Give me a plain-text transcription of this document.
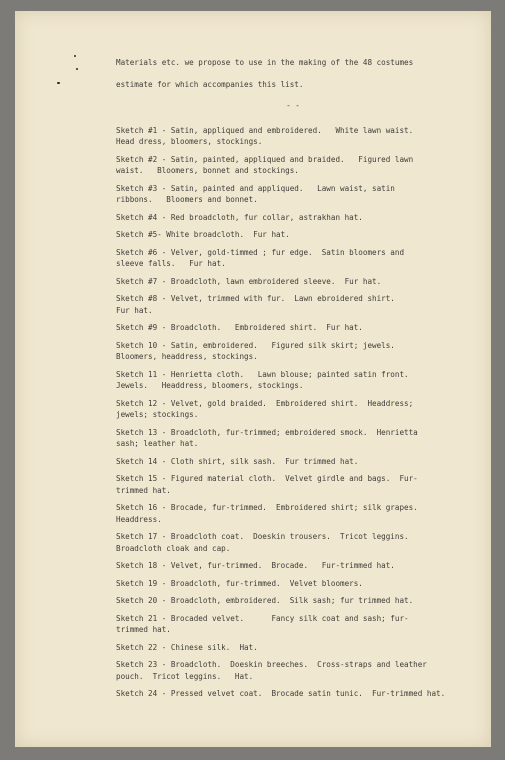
Materials etc. we propose to use in the making of the 48 costumes
estimate for which accompanies this list.
- -
Sketch #1 - Satin, appliqued and embroidered.   White lawn waist.
Head dress, bloomers, stockings.
Sketch #2 - Satin, painted, appliqued and braided.   Figured lawn
waist.   Bloomers, bonnet and stockings.
Sketch #3 - Satin, painted and appliqued.   Lawn waist, satin
ribbons.   Bloomers and bonnet.
Sketch #4 - Red broadcloth, fur collar, astrakhan hat.
Sketch #5- White broadcloth.  Fur hat.
Sketch #6 - Velver, gold-timmed ; fur edge.  Satin bloomers and
sleeve falls.   Fur hat.
Sketch #7 - Broadcloth, lawn embroidered sleeve.  Fur hat.
Sketch #8 - Velvet, trimmed with fur.  Lawn ebroidered shirt.
Fur hat.
Sketch #9 - Broadcloth.   Embroidered shirt.  Fur hat.
Sketch 10 - Satin, embroidered.   Figured silk skirt; jewels.
Bloomers, headdress, stockings.
Sketch 11 - Henrietta cloth.   Lawn blouse; painted satin front.
Jewels.   Headdress, bloomers, stockings.
Sketch 12 - Velvet, gold braided.  Embroidered shirt.  Headdress;
jewels; stockings.
Sketch 13 - Broadcloth, fur-trimmed; embroidered smock.  Henrietta
sash; leather hat.
Sketch 14 - Cloth shirt, silk sash.  Fur trimmed hat.
Sketch 15 - Figured material cloth.  Velvet girdle and bags.  Fur-
trimmed hat.
Sketch 16 - Brocade, fur-trimmed.  Embroidered shirt; silk grapes.
Headdress.
Sketch 17 - Broadcloth coat.  Doeskin trousers.  Tricot leggins.
Broadcloth cloak and cap.
Sketch 18 - Velvet, fur-trimmed.  Brocade.   Fur-trimmed hat.
Sketch 19 - Broadcloth, fur-trimmed.  Velvet bloomers.
Sketch 20 - Broadcloth, embroidered.  Silk sash; fur trimmed hat.
Sketch 21 - Brocaded velvet.      Fancy silk coat and sash; fur-
trimmed hat.
Sketch 22 - Chinese silk.  Hat.
Sketch 23 - Broadcloth.  Doeskin breeches.  Cross-straps and leather
pouch.  Tricot leggins.   Hat.
Sketch 24 - Pressed velvet coat.  Brocade satin tunic.  Fur-trimmed hat.
